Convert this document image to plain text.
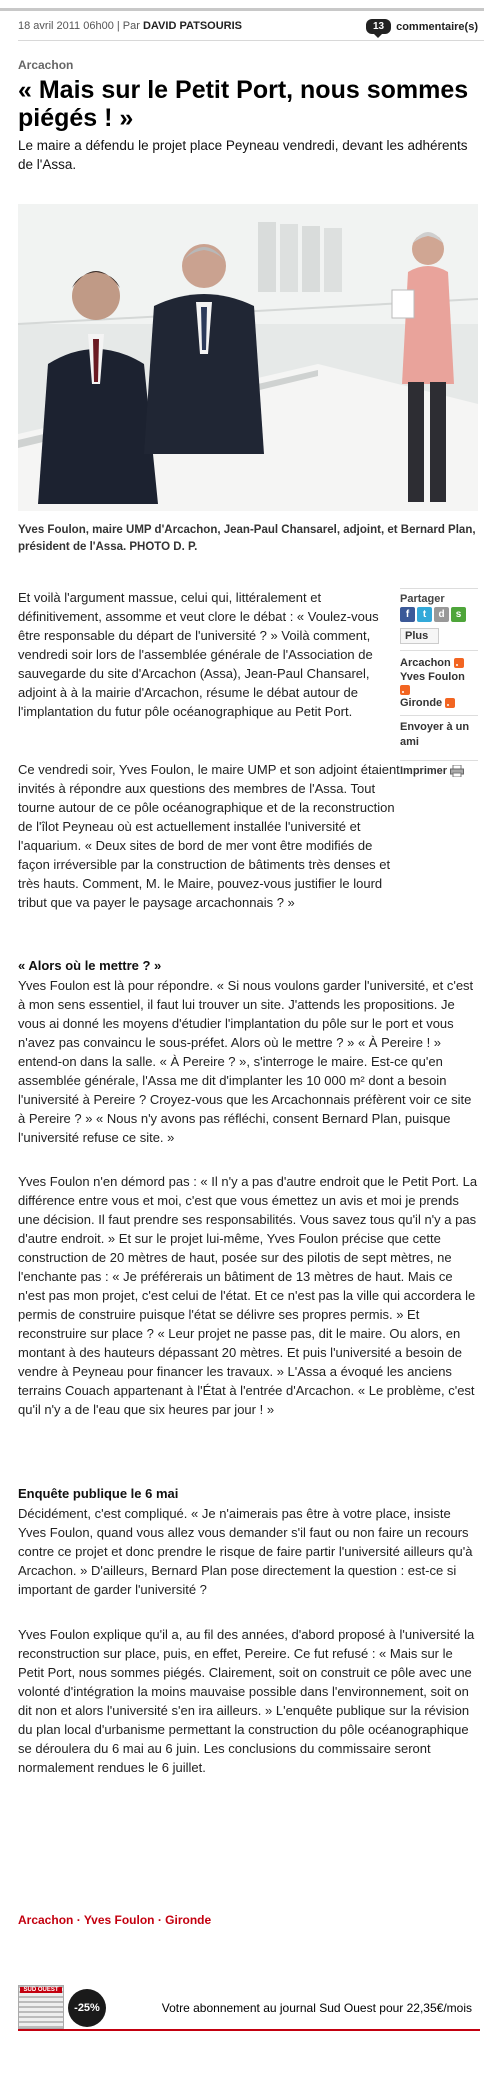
18 avril 2011 06h00 | Par DAVID PATSOURIS	13	commentaire(s)
Arcachon
« Mais sur le Petit Port, nous sommes piégés ! »

Le maire a défendu le projet place Peyneau vendredi, devant les adhérents de l'Assa.

Yves Foulon, maire UMP d'Arcachon, Jean-Paul Chansarel, adjoint, et Bernard Plan, président de l'Assa. PHOTO D. P.

Et voilà l'argument massue, celui qui, littéralement et définitivement, assomme et veut clore le débat : « Voulez-vous être responsable du départ de l'université ? » Voilà comment, vendredi soir lors de l'assemblée générale de l'Association de sauvegarde du site d'Arcachon (Assa), Jean-Paul Chansarel, adjoint à à la mairie d'Arcachon, résume le débat autour de l'implantation du futur pôle océanographique au Petit Port.

Ce vendredi soir, Yves Foulon, le maire UMP et son adjoint étaient invités à répondre aux questions des membres de l'Assa. Tout tourne autour de ce pôle océanographique et de la reconstruction de l'îlot Peyneau où est actuellement installée l'université et l'aquarium. « Deux sites de bord de mer vont être modifiés de façon irréversible par la construction de bâtiments très denses et très hauts. Comment, M. le Maire, pouvez-vous justifier le lourd tribut que va payer le paysage arcachonnais ? »

« Alors où le mettre ? »

Yves Foulon est là pour répondre. « Si nous voulons garder l'université, et c'est à mon sens essentiel, il faut lui trouver un site. J'attends les propositions. Je vous ai donné les moyens d'étudier l'implantation du pôle sur le port et vous n'avez pas convaincu le sous-préfet. Alors où le mettre ? » « À Pereire ! » entend-on dans la salle. « À Pereire ? », s'interroge le maire. Est-ce qu'en assemblée générale, l'Assa me dit d'implanter les 10 000 m² dont a besoin l'université à Pereire ? Croyez-vous que les Arcachonnais préfèrent voir ce site à Pereire ? » « Nous n'y avons pas réfléchi, consent Bernard Plan, puisque l'université refuse ce site. »

Yves Foulon n'en démord pas : « Il n'y a pas d'autre endroit que le Petit Port. La différence entre vous et moi, c'est que vous émettez un avis et moi je prends une décision. Il faut prendre ses responsabilités. Vous savez tous qu'il n'y a pas d'autre endroit. » Et sur le projet lui-même, Yves Foulon précise que cette construction de 20 mètres de haut, posée sur des pilotis de sept mètres, ne l'enchante pas : « Je préférerais un bâtiment de 13 mètres de haut. Mais ce n'est pas mon projet, c'est celui de l'état. Et ce n'est pas la ville qui accordera le permis de construire puisque l'état se délivre ses propres permis. » Et reconstruire sur place ? « Leur projet ne passe pas, dit le maire. Ou alors, en montant à des hauteurs dépassant 20 mètres. Et puis l'université a besoin de vendre à Peyneau pour financer les travaux. » L'Assa a évoqué les anciens terrains Couach appartenant à l'État à l'entrée d'Arcachon. « Le problème, c'est qu'il n'y a de l'eau que six heures par jour ! »

Enquête publique le 6 mai

Décidément, c'est compliqué. « Je n'aimerais pas être à votre place, insiste Yves Foulon, quand vous allez vous demander s'il faut ou non faire un recours contre ce projet et donc prendre le risque de faire partir l'université ailleurs qu'à Arcachon. » D'ailleurs, Bernard Plan pose directement la question : est-ce si important de garder l'université ?

Yves Foulon explique qu'il a, au fil des années, d'abord proposé à l'université la reconstruction sur place, puis, en effet, Pereire. Ce fut refusé : « Mais sur le Petit Port, nous sommes piégés. Clairement, soit on construit ce pôle avec une volonté d'intégration la moins mauvaise possible dans l'environnement, soit on dit non et alors l'université s'en ira ailleurs. » L'enquête publique sur la révision du plan local d'urbanisme permettant la construction du pôle océanographique se déroulera du 6 mai au 6 juin. Les conclusions du commissaire seront normalement rendues le 6 juillet.

Partager
f	t	d	s
Plus
Arcachon
Yves Foulon
Gironde
Envoyer à un ami
Imprimer
Arcachon · Yves Foulon · Gironde
SUD OUEST
-25%	Votre abonnement au journal Sud Ouest pour 22,35€/mois
